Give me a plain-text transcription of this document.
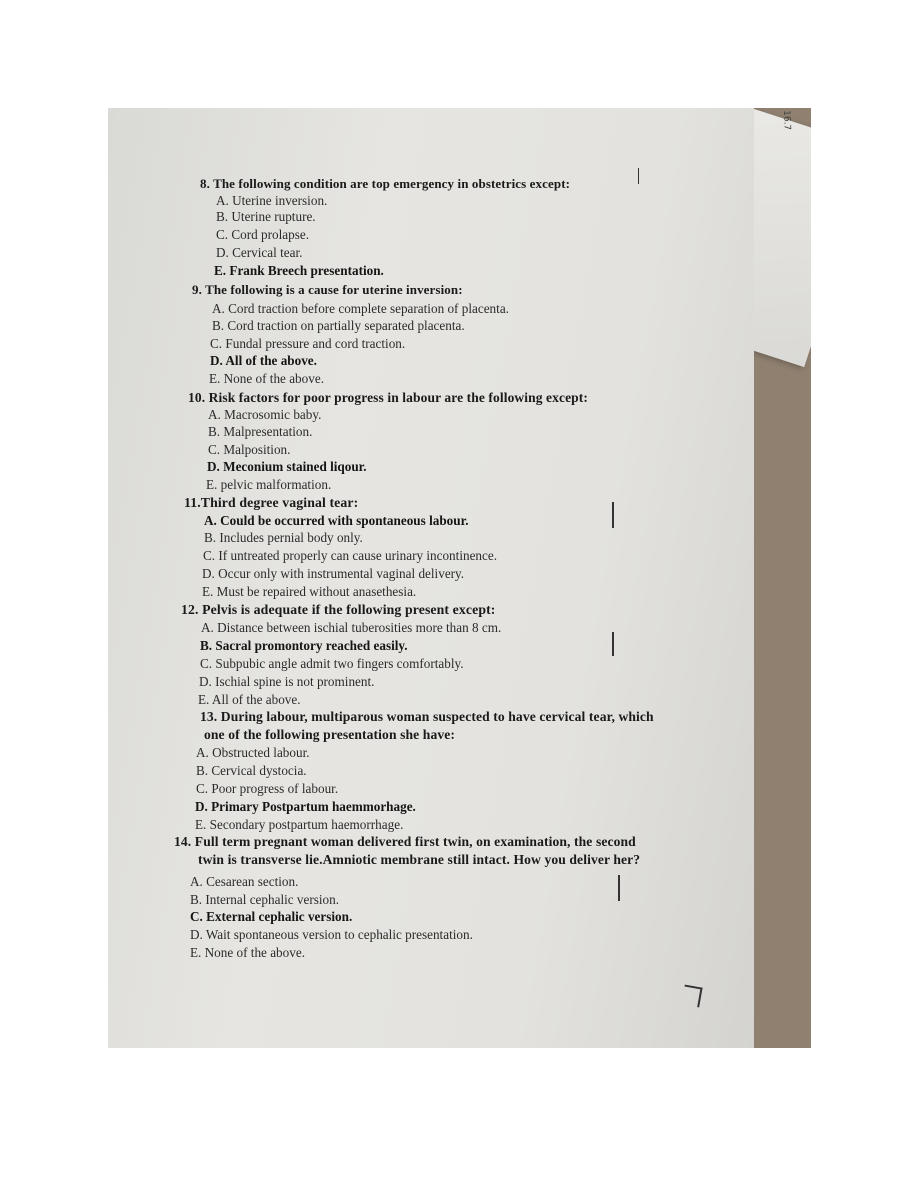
16.7
8. The following condition are top emergency in obstetrics except:
A. Uterine inversion.
B. Uterine rupture.
C. Cord prolapse.
D. Cervical tear.
E. Frank Breech presentation.
9. The following is a cause for uterine inversion:
A. Cord traction before complete separation of placenta.
B. Cord traction on partially separated placenta.
C. Fundal pressure and cord traction.
D. All of the above.
E. None of the above.
10. Risk factors for poor progress in labour are the following except:
A. Macrosomic baby.
B. Malpresentation.
C. Malposition.
D. Meconium stained liqour.
E. pelvic malformation.
11.Third degree vaginal tear:
A. Could be occurred with spontaneous labour.
B. Includes pernial body only.
C. If untreated properly can cause urinary incontinence.
D. Occur only with instrumental vaginal delivery.
E. Must be repaired without anasethesia.
12. Pelvis is adequate if the following present except:
A. Distance between ischial tuberosities more than 8 cm.
B. Sacral promontory reached easily.
C. Subpubic angle admit two fingers comfortably.
D. Ischial spine is not prominent.
E. All of the above.
13. During labour, multiparous woman suspected to have cervical tear, which
one of the following presentation she have:
A. Obstructed labour.
B. Cervical dystocia.
C. Poor progress of labour.
D. Primary Postpartum haemmorhage.
E. Secondary postpartum haemorrhage.
14. Full term pregnant woman delivered first twin, on examination, the second
twin is transverse lie.Amniotic membrane still intact. How you deliver her?
A. Cesarean section.
B. Internal cephalic version.
C. External cephalic version.
D. Wait spontaneous version to cephalic presentation.
E. None of the above.
